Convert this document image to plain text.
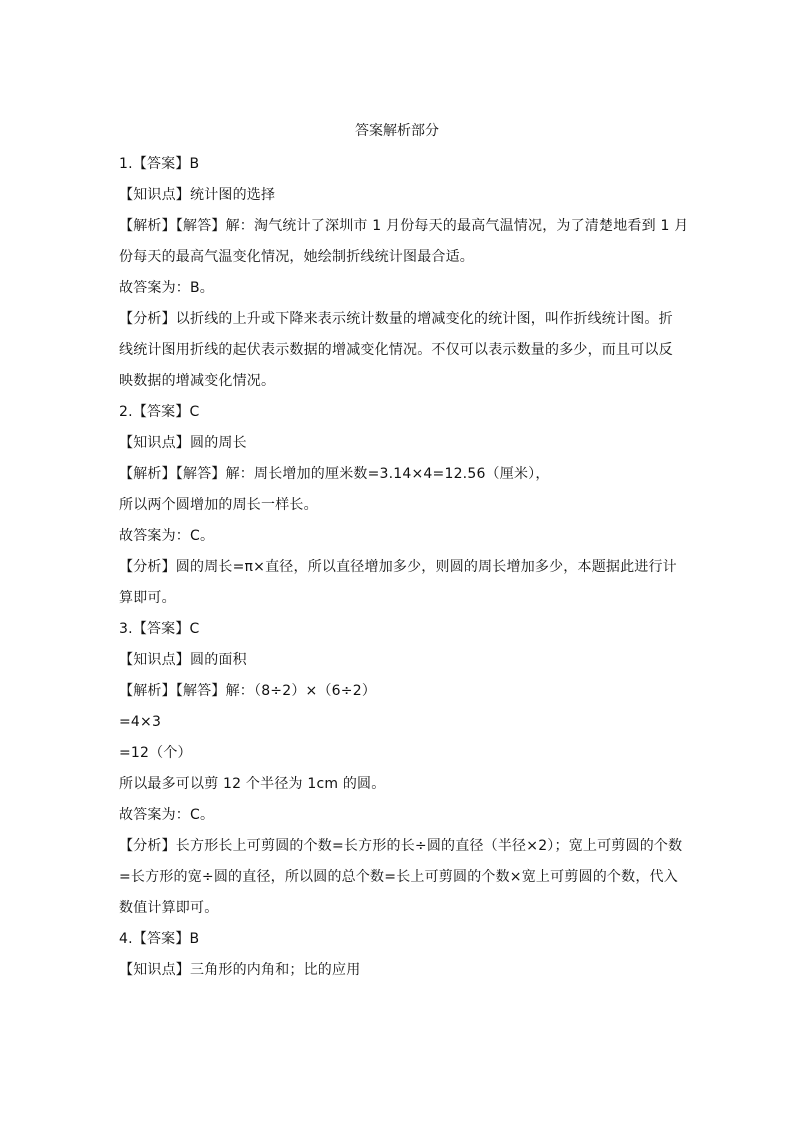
答案解析部分
1.【答案】B
【知识点】统计图的选择
【解析】【解答】解：淘气统计了深圳市 1 月份每天的最高气温情况，为了清楚地看到 1 月
份每天的最高气温变化情况，她绘制折线统计图最合适。
故答案为：B。
【分析】以折线的上升或下降来表示统计数量的增减变化的统计图，叫作折线统计图。折
线统计图用折线的起伏表示数据的增减变化情况。不仅可以表示数量的多少，而且可以反
映数据的增减变化情况。
2.【答案】C
【知识点】圆的周长
【解析】【解答】解：周长增加的厘米数=3.14×4=12.56（厘米），
所以两个圆增加的周长一样长。
故答案为：C。
【分析】圆的周长=π×直径，所以直径增加多少，则圆的周长增加多少，本题据此进行计
算即可。
3.【答案】C
【知识点】圆的面积
【解析】【解答】解：（8÷2）×（6÷2）
=4×3
=12（个）
所以最多可以剪 12 个半径为 1cm 的圆。
故答案为：C。
【分析】长方形长上可剪圆的个数=长方形的长÷圆的直径（半径×2）；宽上可剪圆的个数
=长方形的宽÷圆的直径，所以圆的总个数=长上可剪圆的个数×宽上可剪圆的个数，代入
数值计算即可。
4.【答案】B
【知识点】三角形的内角和；比的应用
